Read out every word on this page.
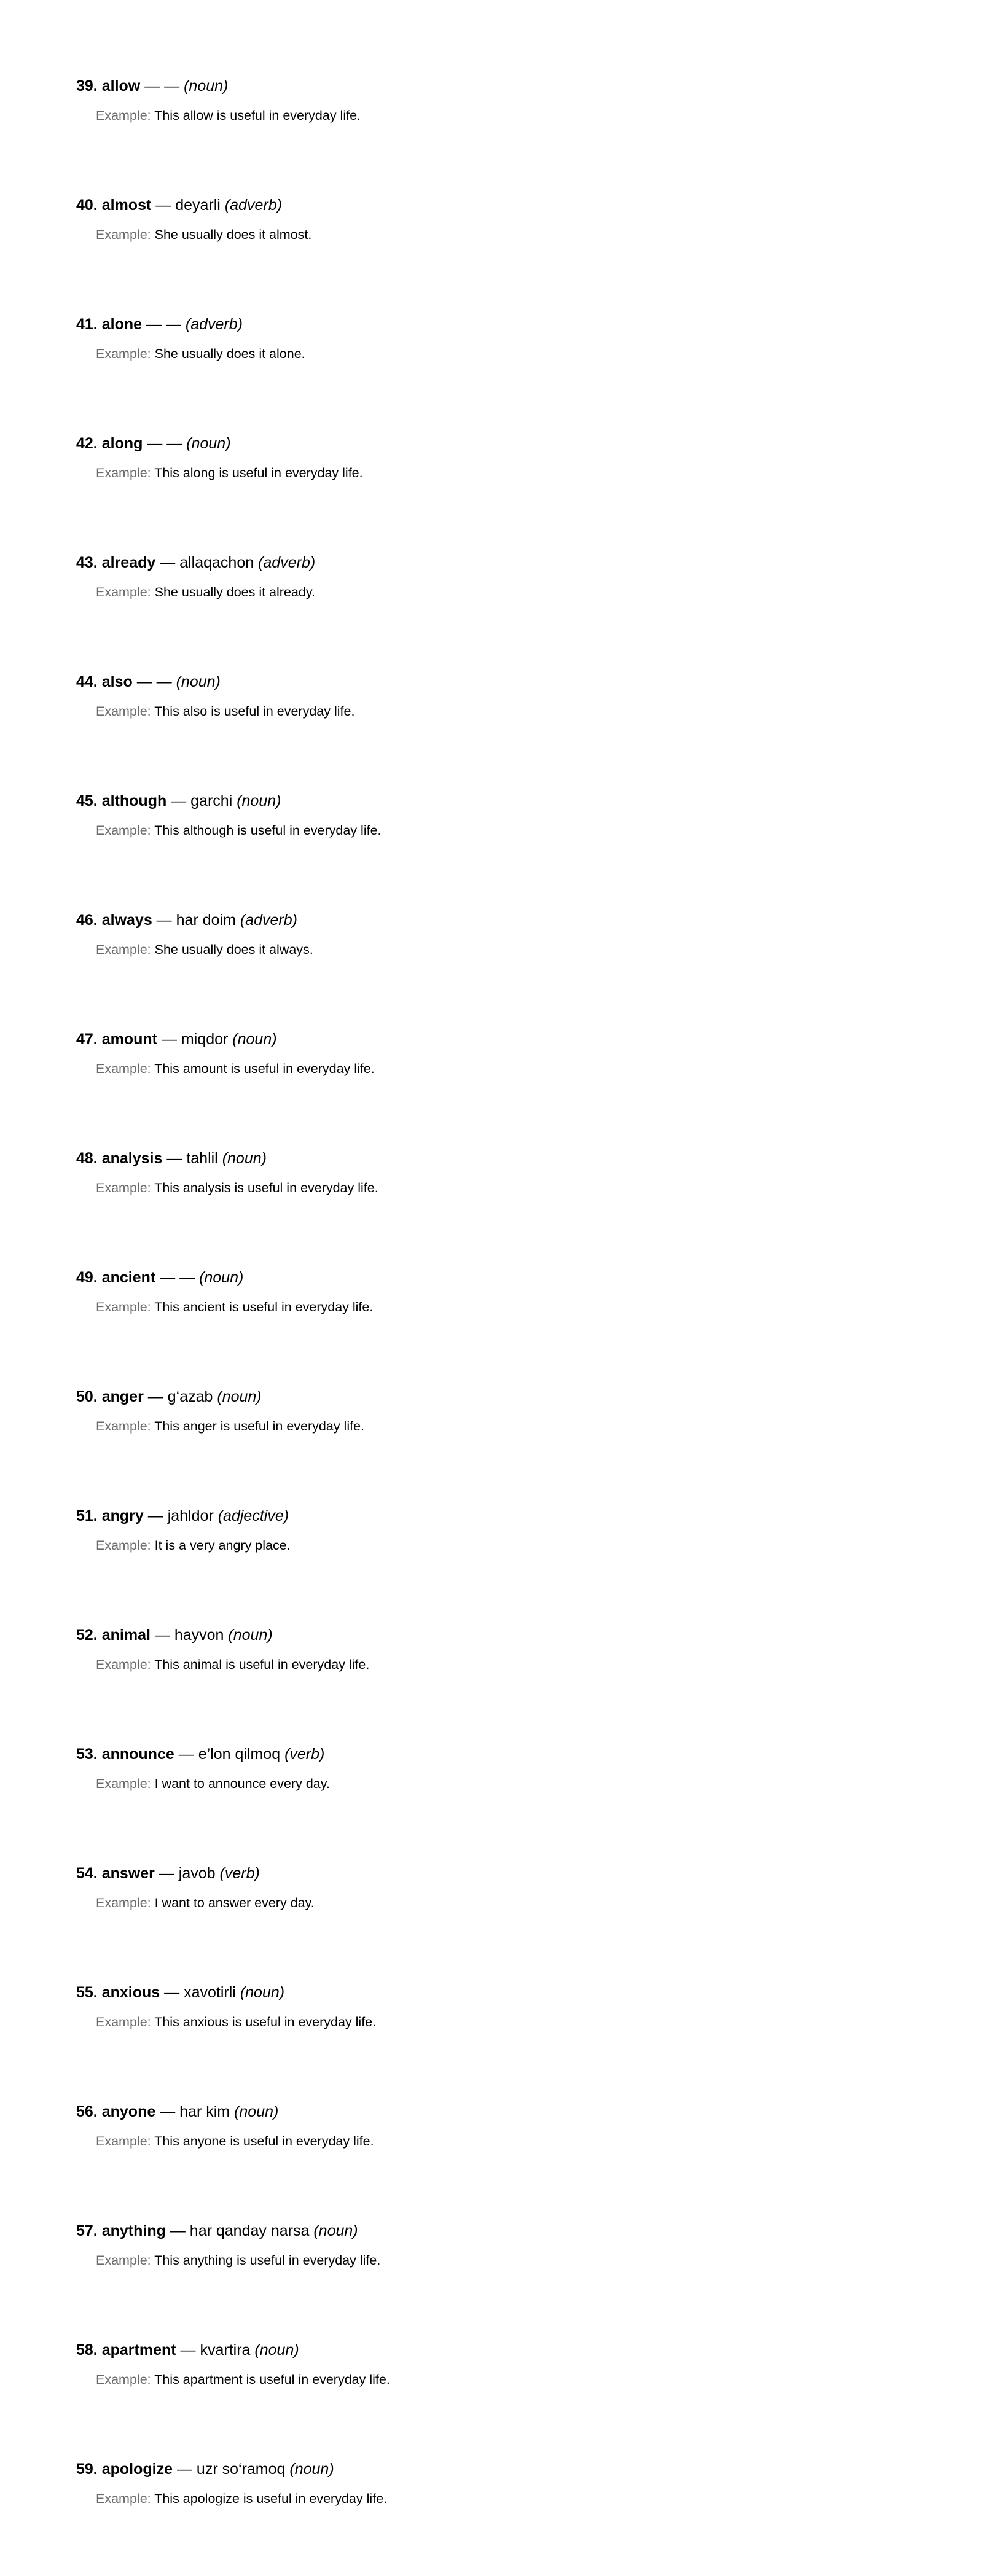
39. allow — — (noun)
Example: This allow is useful in everyday life.
40. almost — deyarli (adverb)
Example: She usually does it almost.
41. alone — — (adverb)
Example: She usually does it alone.
42. along — — (noun)
Example: This along is useful in everyday life.
43. already — allaqachon (adverb)
Example: She usually does it already.
44. also — — (noun)
Example: This also is useful in everyday life.
45. although — garchi (noun)
Example: This although is useful in everyday life.
46. always — har doim (adverb)
Example: She usually does it always.
47. amount — miqdor (noun)
Example: This amount is useful in everyday life.
48. analysis — tahlil (noun)
Example: This analysis is useful in everyday life.
49. ancient — — (noun)
Example: This ancient is useful in everyday life.
50. anger — g‘azab (noun)
Example: This anger is useful in everyday life.
51. angry — jahldor (adjective)
Example: It is a very angry place.
52. animal — hayvon (noun)
Example: This animal is useful in everyday life.
53. announce — e’lon qilmoq (verb)
Example: I want to announce every day.
54. answer — javob (verb)
Example: I want to answer every day.
55. anxious — xavotirli (noun)
Example: This anxious is useful in everyday life.
56. anyone — har kim (noun)
Example: This anyone is useful in everyday life.
57. anything — har qanday narsa (noun)
Example: This anything is useful in everyday life.
58. apartment — kvartira (noun)
Example: This apartment is useful in everyday life.
59. apologize — uzr so‘ramoq (noun)
Example: This apologize is useful in everyday life.
